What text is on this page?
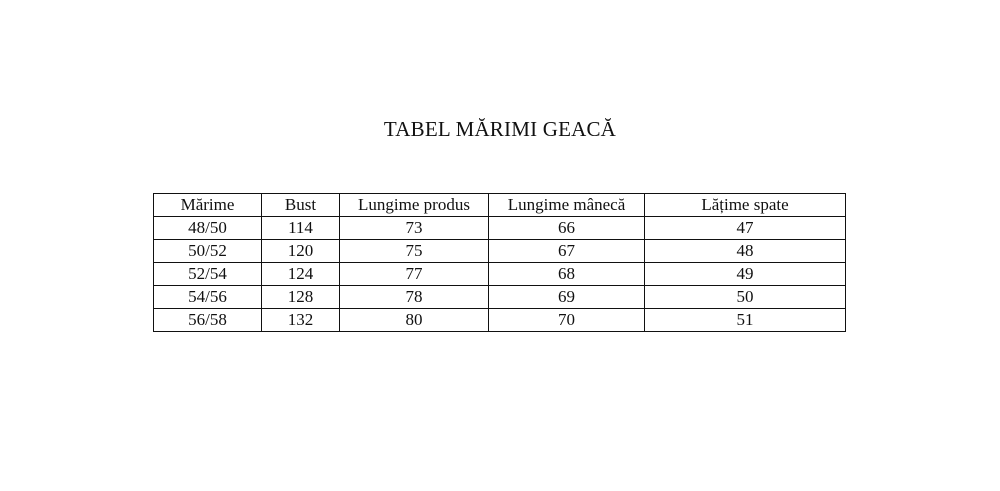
TABEL MĂRIMI GEACĂ
Mărime	Bust	Lungime produs	Lungime mânecă	Lățime spate
48/50	114	73	66	47
50/52	120	75	67	48
52/54	124	77	68	49
54/56	128	78	69	50
56/58	132	80	70	51
